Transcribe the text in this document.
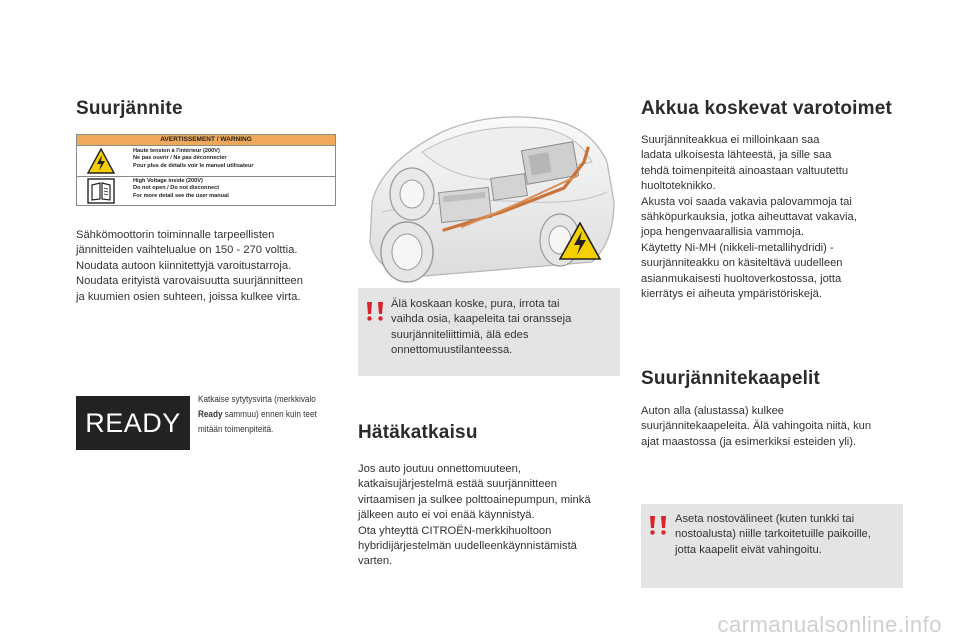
Suurjännite
AVERTISSEMENT / WARNING
Haute tension à l'intérieur (200V)
Ne pas ouvrir / Ne pas déconnecter
Pour plus de détails voir le manuel utilisateur
High Voltage inside (200V)
Do not open / Do not disconnect
For more detail see the user manual

Sähkömoottorin toiminnalle tarpeellisten
jännitteiden vaihtelualue on 150 - 270 volttia.
Noudata autoon kiinnitettyjä varoitustarroja.
Noudata erityistä varovaisuutta suurjännitteen
ja kuumien osien suhteen, joissa kulkee virta.

READY
Katkaise sytytysvirta (merkkivalo
Ready sammuu) ennen kuin teet mitään toimenpiteitä.
Älä koskaan koske, pura, irrota tai
vaihda osia, kaapeleita tai oransseja
suurjänniteliittimiä, älä edes
onnettomuustilanteessa.
Hätäkatkaisu

Jos auto joutuu onnettomuuteen,
katkaisujärjestelmä estää suurjännitteen
virtaamisen ja sulkee polttoainepumpun, minkä
jälkeen auto ei voi enää käynnistyä.
Ota yhteyttä CITROËN-merkkihuoltoon
hybridijärjestelmän uudelleenkäynnistämistä
varten.

Akkua koskevat varotoimet

Suurjänniteakkua ei milloinkaan saa
ladata ulkoisesta lähteestä, ja sille saa
tehdä toimenpiteitä ainoastaan valtuutettu
huoltoteknikko.
Akusta voi saada vakavia palovammoja tai
sähköpurkauksia, jotka aiheuttavat vakavia,
jopa hengenvaarallisia vammoja.
Käytetty Ni-MH (nikkeli-metallihydridi) -
suurjänniteakku on käsiteltävä uudelleen
asianmukaisesti huoltoverkostossa, jotta
kierrätys ei aiheuta ympäristöriskejä.

Suurjännitekaapelit

Auton alla (alustassa) kulkee
suurjännitekaapeleita. Älä vahingoita niitä, kun
ajat maastossa (ja esimerkiksi esteiden yli).

Aseta nostovälineet (kuten tunkki tai
nostoalusta) niille tarkoitetuille paikoille,
jotta kaapelit eivät vahingoitu.
carmanualsonline.info
